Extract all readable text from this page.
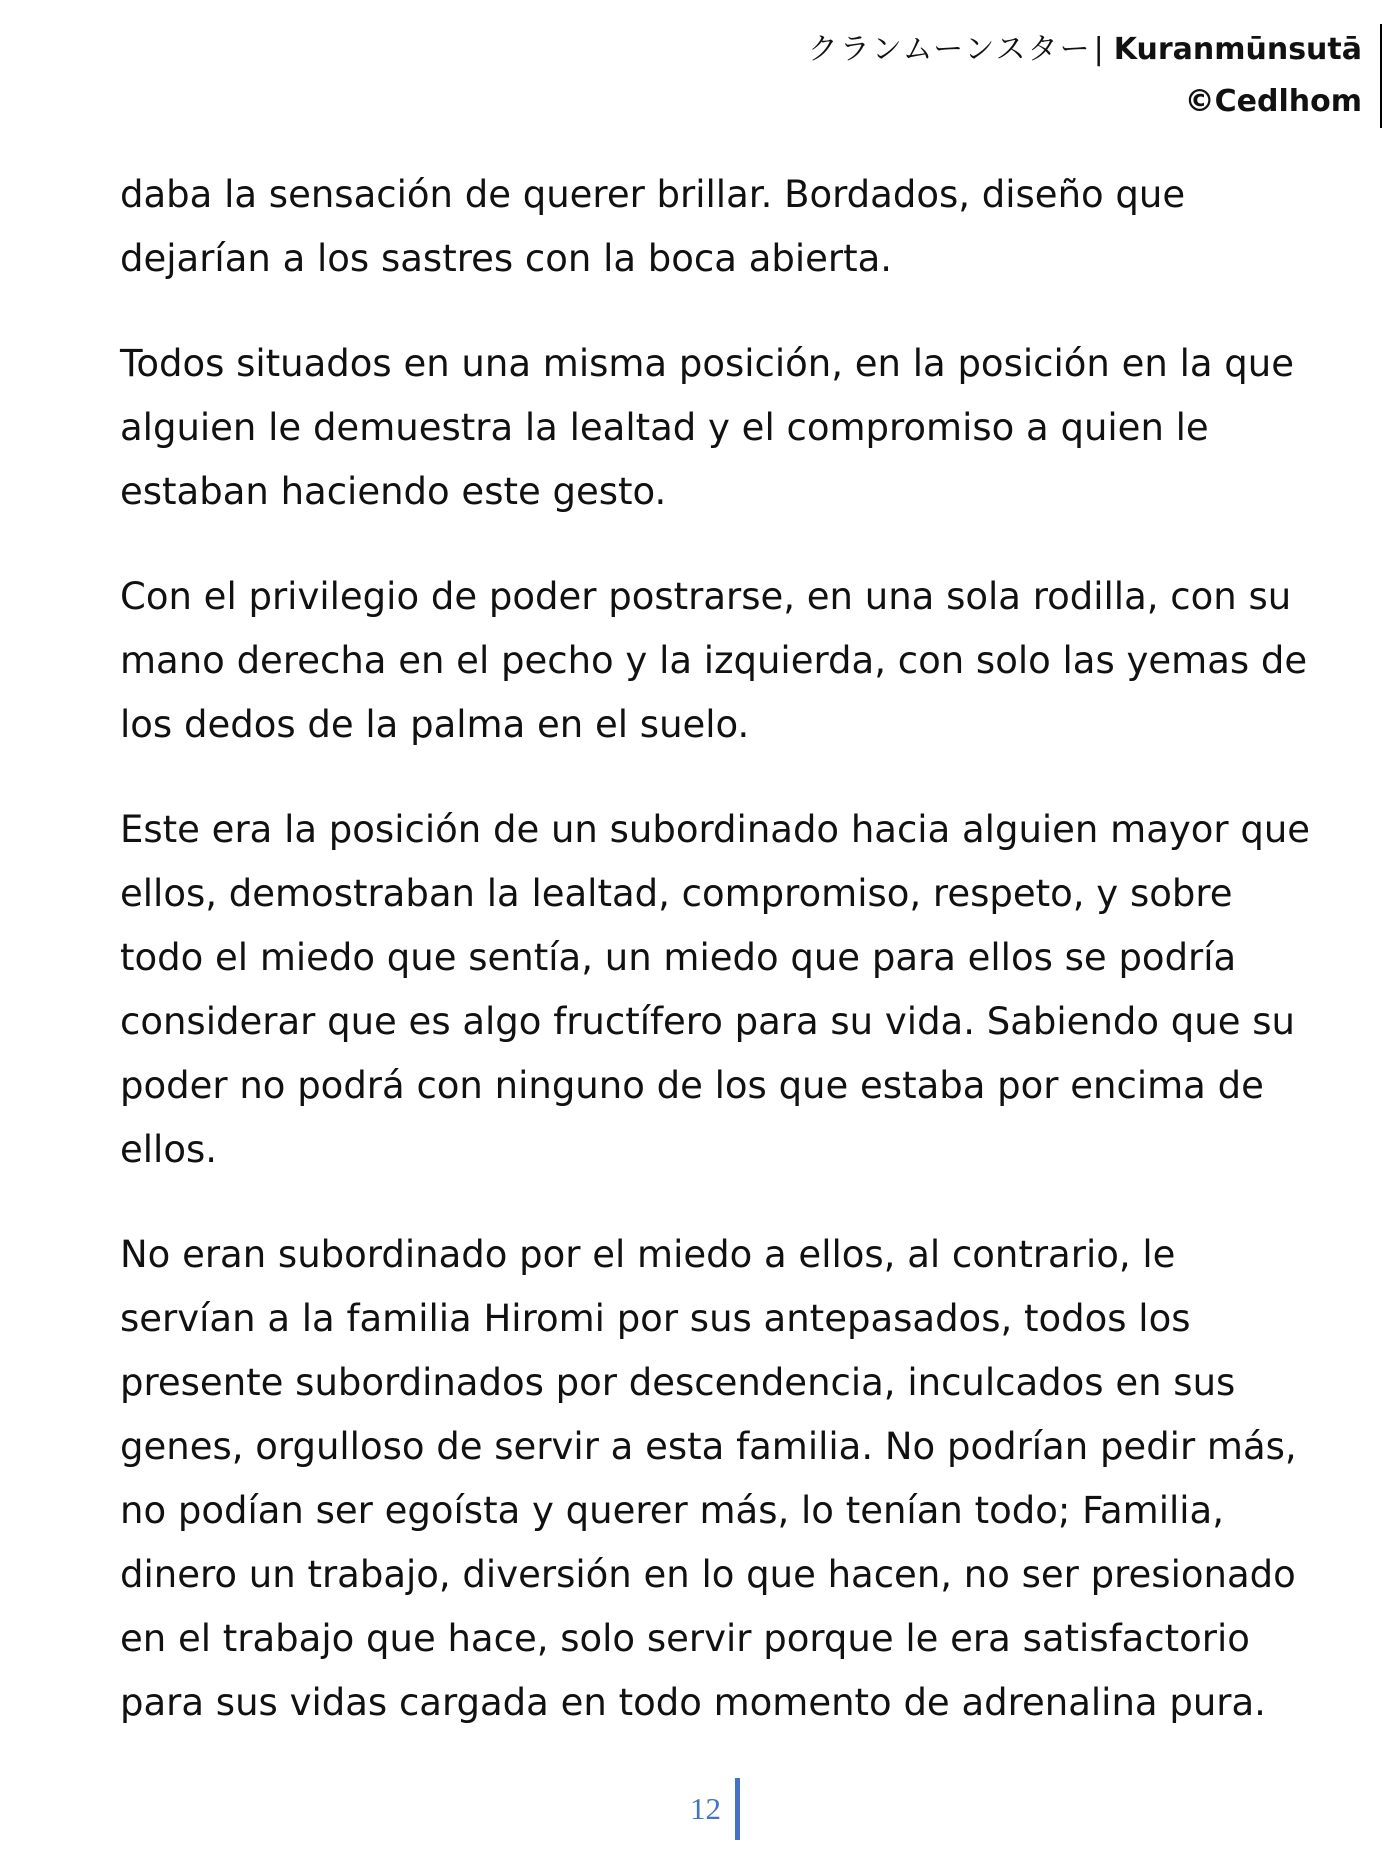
クランムーンスター| Kuranmūnsutā
©Cedlhom

daba la sensación de querer brillar. Bordados, diseño que
dejarían a los sastres con la boca abierta.

Todos situados en una misma posición, en la posición en la que
alguien le demuestra la lealtad y el compromiso a quien le
estaban haciendo este gesto.

Con el privilegio de poder postrarse, en una sola rodilla, con su
mano derecha en el pecho y la izquierda, con solo las yemas de
los dedos de la palma en el suelo.

Este era la posición de un subordinado hacia alguien mayor que
ellos, demostraban la lealtad, compromiso, respeto, y sobre
todo el miedo que sentía, un miedo que para ellos se podría
considerar que es algo fructífero para su vida. Sabiendo que su
poder no podrá con ninguno de los que estaba por encima de
ellos.

No eran subordinado por el miedo a ellos, al contrario, le
servían a la familia Hiromi por sus antepasados, todos los
presente subordinados por descendencia, inculcados en sus
genes, orgulloso de servir a esta familia. No podrían pedir más,
no podían ser egoísta y querer más, lo tenían todo; Familia,
dinero un trabajo, diversión en lo que hacen, no ser presionado
en el trabajo que hace, solo servir porque le era satisfactorio
para sus vidas cargada en todo momento de adrenalina pura.

12
